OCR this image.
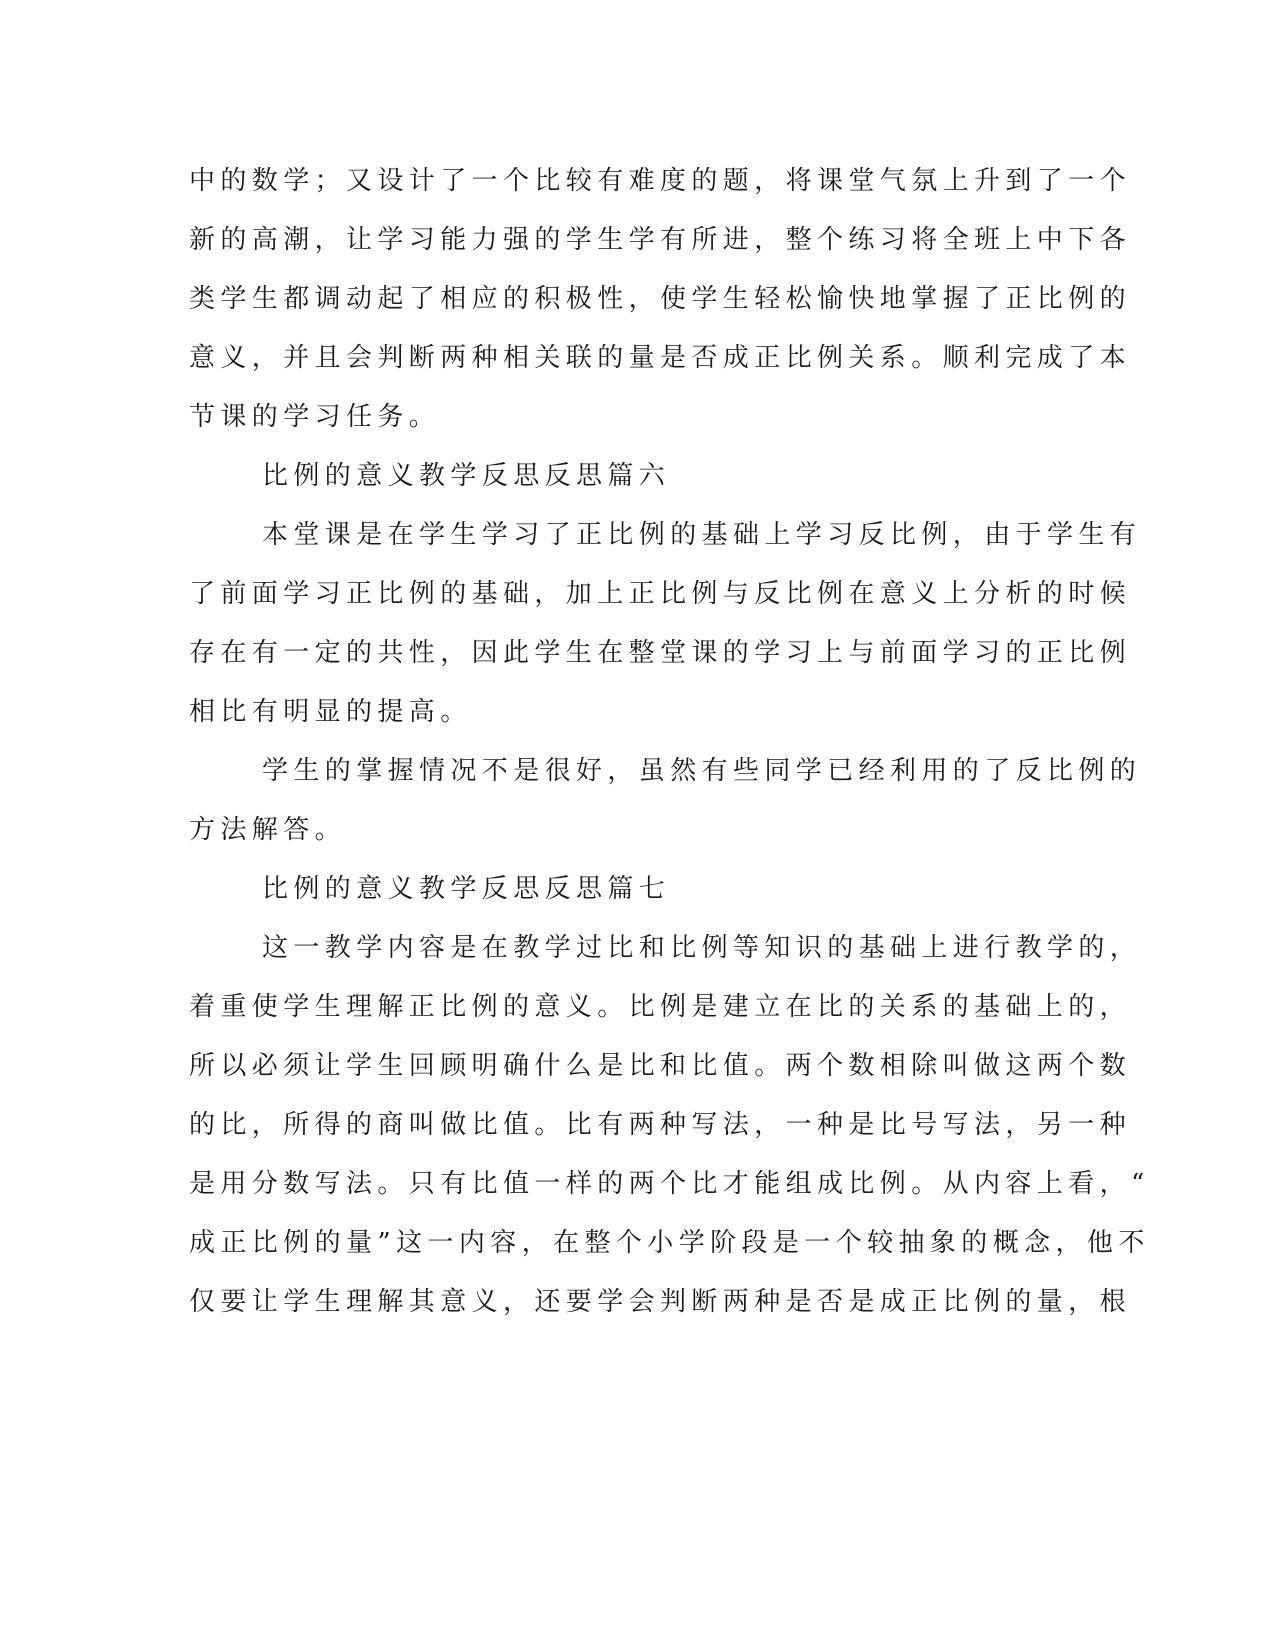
中的数学；又设计了一个比较有难度的题，将课堂气氛上升到了一个

新的高潮，让学习能力强的学生学有所进，整个练习将全班上中下各

类学生都调动起了相应的积极性，使学生轻松愉快地掌握了正比例的

意义，并且会判断两种相关联的量是否成正比例关系。顺利完成了本

节课的学习任务。

比例的意义教学反思反思篇六

本堂课是在学生学习了正比例的基础上学习反比例，由于学生有

了前面学习正比例的基础，加上正比例与反比例在意义上分析的时候

存在有一定的共性，因此学生在整堂课的学习上与前面学习的正比例

相比有明显的提高。

学生的掌握情况不是很好，虽然有些同学已经利用的了反比例的

方法解答。

比例的意义教学反思反思篇七

这一教学内容是在教学过比和比例等知识的基础上进行教学的，

着重使学生理解正比例的意义。比例是建立在比的关系的基础上的，

所以必须让学生回顾明确什么是比和比值。两个数相除叫做这两个数

的比，所得的商叫做比值。比有两种写法，一种是比号写法，另一种

是用分数写法。只有比值一样的两个比才能组成比例。从内容上看，“

成正比例的量”这一内容，在整个小学阶段是一个较抽象的概念，他不

仅要让学生理解其意义，还要学会判断两种是否是成正比例的量，根
